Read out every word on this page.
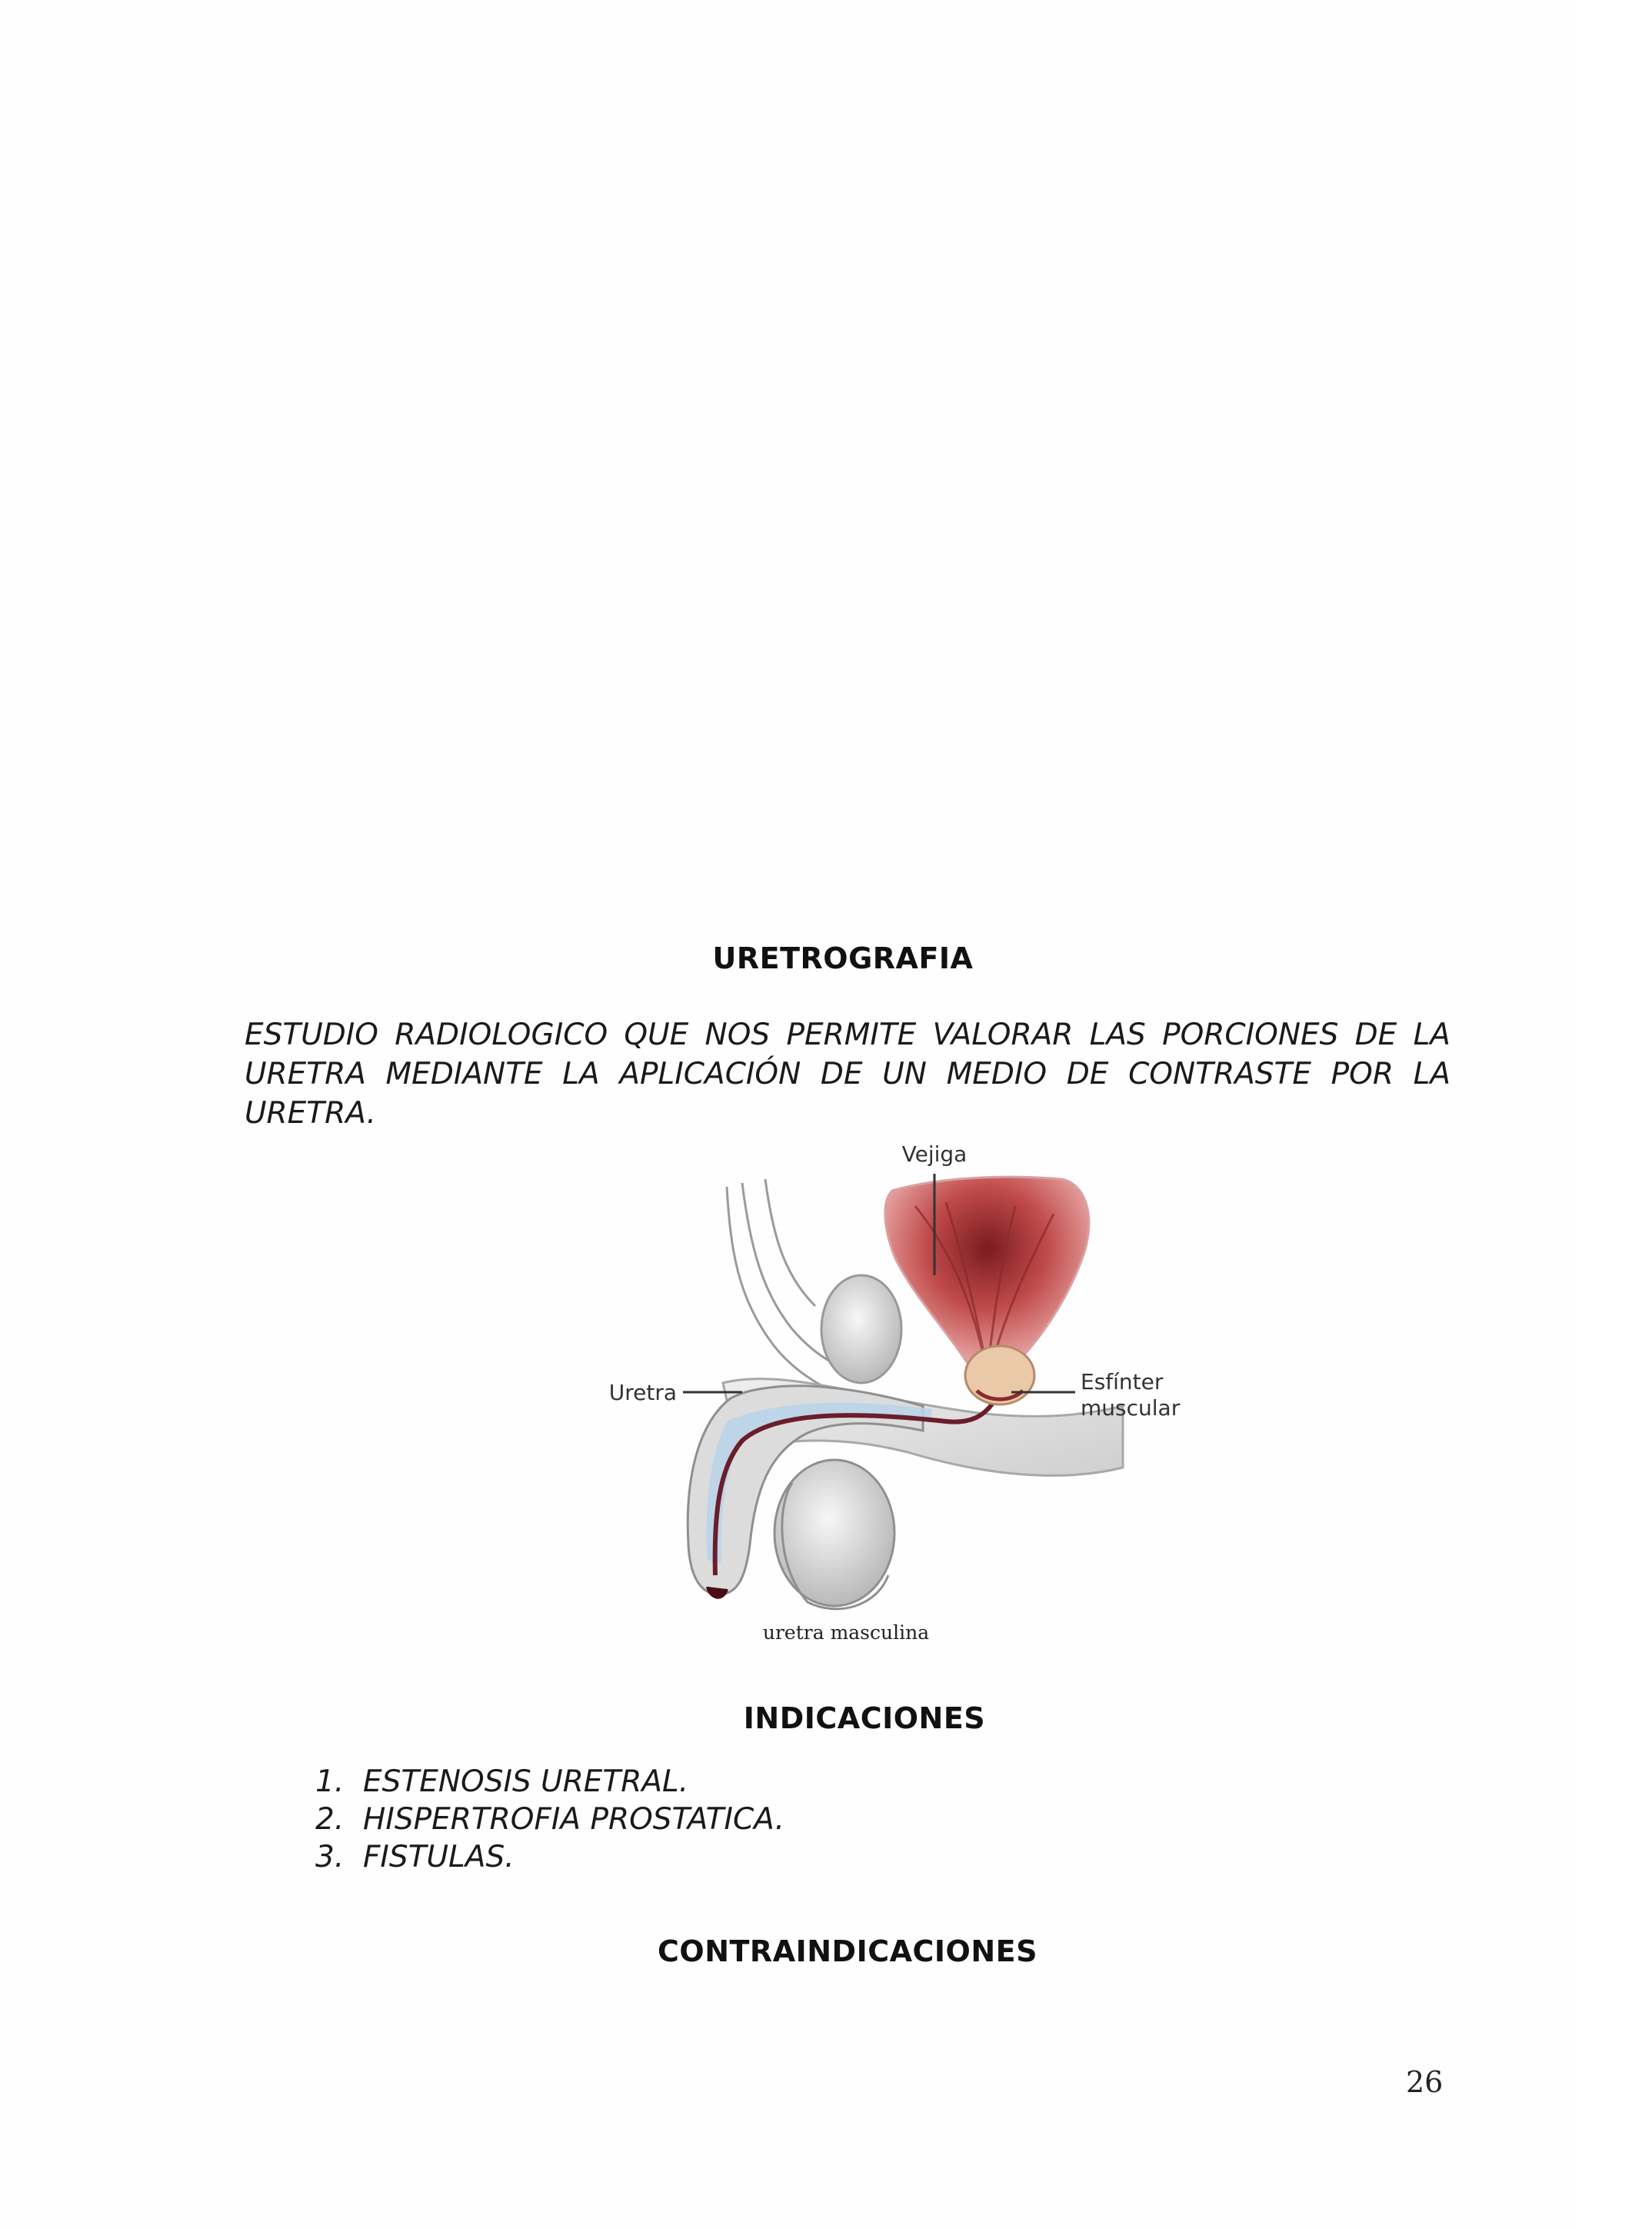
URETROGRAFIA

ESTUDIO RADIOLOGICO QUE NOS PERMITE VALORAR LAS PORCIONES DE LA URETRA MEDIANTE LA APLICACIÓN DE UN MEDIO DE CONTRASTE POR LA URETRA.

Vejiga
Uretra	Esfínter
muscular
uretra masculina
INDICACIONES
1. ESTENOSIS URETRAL.
2. HISPERTROFIA PROSTATICA.
3. FISTULAS.
CONTRAINDICACIONES
26
